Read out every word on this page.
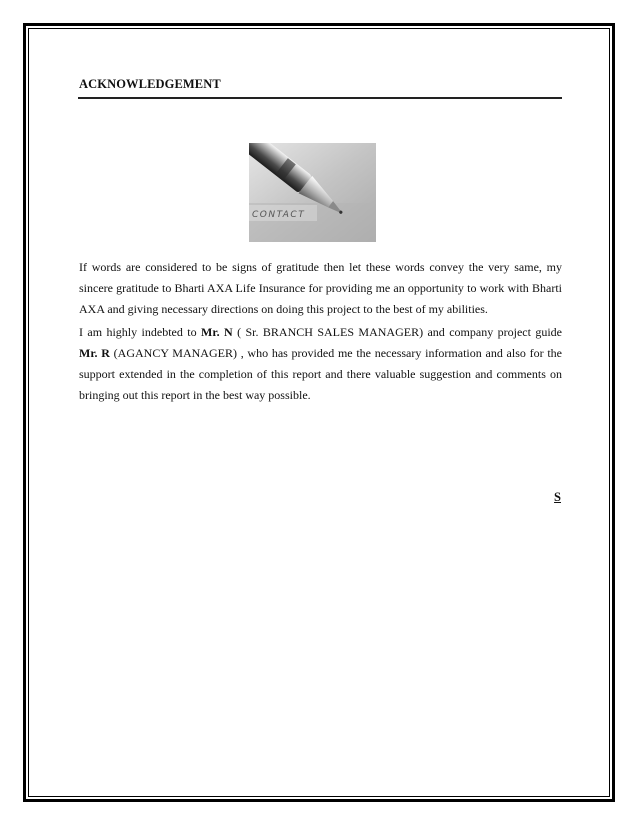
ACKNOWLEDGEMENT
CONTACT
If words are considered to be signs of gratitude then let these words convey the very same, my sincere gratitude to Bharti AXA Life Insurance for providing me an opportunity to work with Bharti AXA and giving necessary directions on doing this project to the best of my abilities.
I am highly indebted to Mr. N ( Sr. BRANCH SALES MANAGER) and company project guide Mr. R (AGANCY MANAGER) , who has provided me the necessary information and also for the support extended in the completion of this report and there valuable suggestion and comments on bringing out this report in the best way possible.
S
